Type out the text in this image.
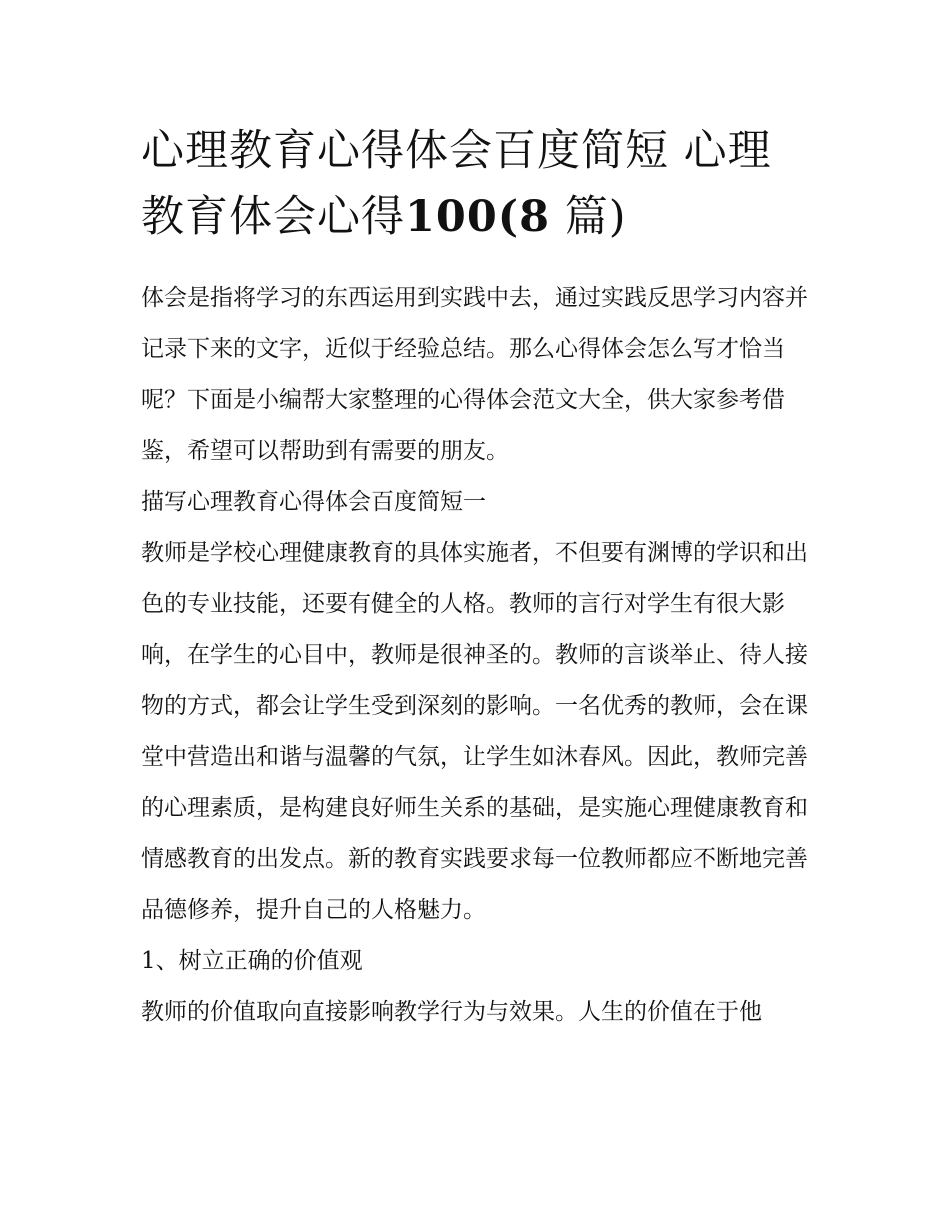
心理教育心得体会百度简短 心理教育体会心得100(8 篇)

体会是指将学习的东西运用到实践中去，通过实践反思学习内容并记录下来的文字，近似于经验总结。那么心得体会怎么写才恰当呢？下面是小编帮大家整理的心得体会范文大全，供大家参考借鉴，希望可以帮助到有需要的朋友。

描写心理教育心得体会百度简短一

教师是学校心理健康教育的具体实施者，不但要有渊博的学识和出色的专业技能，还要有健全的人格。教师的言行对学生有很大影响，在学生的心目中，教师是很神圣的。教师的言谈举止、待人接物的方式，都会让学生受到深刻的影响。一名优秀的教师，会在课堂中营造出和谐与温馨的气氛，让学生如沐春风。因此，教师完善的心理素质，是构建良好师生关系的基础，是实施心理健康教育和情感教育的出发点。新的教育实践要求每一位教师都应不断地完善品德修养，提升自己的人格魅力。

1、树立正确的价值观

教师的价值取向直接影响教学行为与效果。人生的价值在于他
